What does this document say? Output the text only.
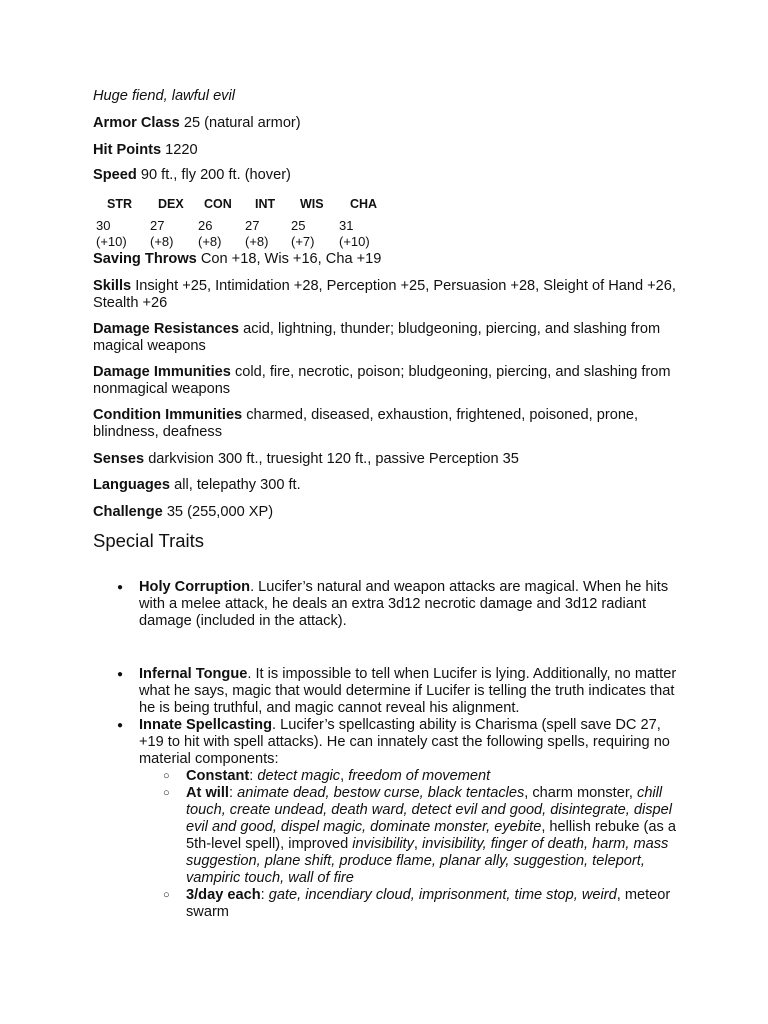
Huge fiend, lawful evil
Armor Class 25 (natural armor)
Hit Points 1220
Speed 90 ft., fly 200 ft. (hover)
STR DEX CON INT WIS CHA
30	27	26	27 25	31
(+10) (+8) (+8) (+8) (+7) (+10)
Saving Throws Con +18, Wis +16, Cha +19
Skills Insight +25, Intimidation +28, Perception +25, Persuasion +28, Sleight of Hand +26, Stealth +26
Damage Resistances acid, lightning, thunder; bludgeoning, piercing, and slashing from magical weapons
Damage Immunities cold, fire, necrotic, poison; bludgeoning, piercing, and slashing from nonmagical weapons
Condition Immunities charmed, diseased, exhaustion, frightened, poisoned, prone, blindness, deafness
Senses darkvision 300 ft., truesight 120 ft., passive Perception 35
Languages all, telepathy 300 ft.
Challenge 35 (255,000 XP)
Special Traits
● Holy Corruption. Lucifer’s natural and weapon attacks are magical. When he hits with a melee attack, he deals an extra 3d12 necrotic damage and 3d12 radiant damage (included in the attack).
● Infernal Tongue. It is impossible to tell when Lucifer is lying. Additionally, no matter what he says, magic that would determine if Lucifer is telling the truth indicates that he is being truthful, and magic cannot reveal his alignment.
● Innate Spellcasting. Lucifer’s spellcasting ability is Charisma (spell save DC 27, +19 to hit with spell attacks). He can innately cast the following spells, requiring no material components:
○ Constant: detect magic, freedom of movement
○ At will: animate dead, bestow curse, black tentacles, charm monster, chill touch, create undead, death ward, detect evil and good, disintegrate, dispel evil and good, dispel magic, dominate monster, eyebite, hellish rebuke (as a 5th-level spell), improved invisibility, invisibility, finger of death, harm, mass suggestion, plane shift, produce flame, planar ally, suggestion, teleport, vampiric touch, wall of fire
○ 3/day each: gate, incendiary cloud, imprisonment, time stop, weird, meteor swarm
